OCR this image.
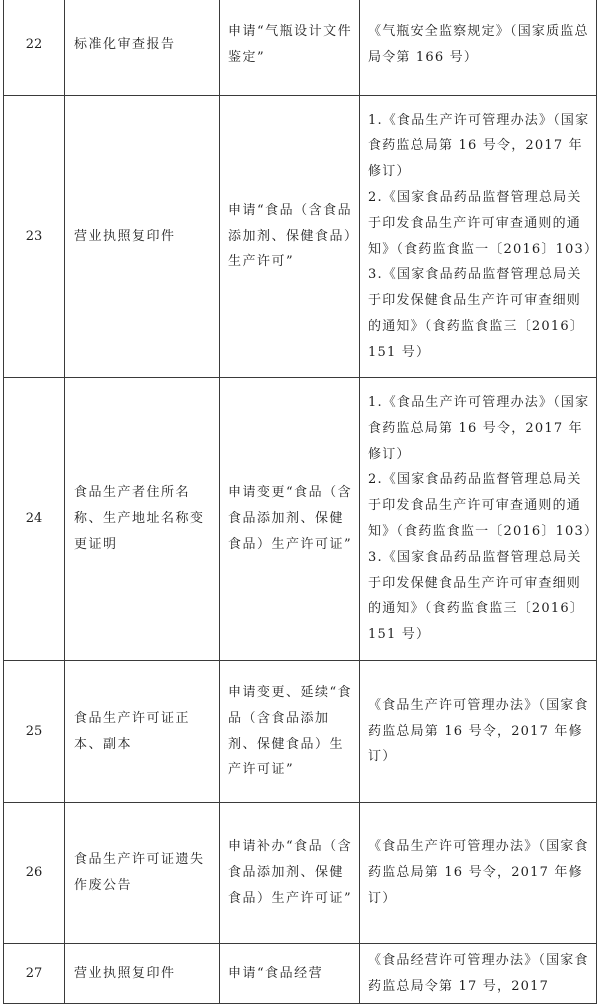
22	标准化审查报告	申请“气瓶设计文件鉴定”	《气瓶安全监察规定》（国家质监总局令第 166 号）

23	营业执照复印件	申请“食品（含食品添加剂、保健食品）生产许可”	1.《食品生产许可管理办法》（国家食药监总局第 16 号令，2017 年修订）
2.《国家食品药品监督管理总局关于印发食品生产许可审查通则的通知》（食药监食监一〔2016〕103）
3.《国家食品药品监督管理总局关于印发保健食品生产许可审查细则的通知》（食药监食监三〔2016〕151 号）

24	食品生产者住所名称、生产地址名称变更证明	申请变更“食品（含食品添加剂、保健食品）生产许可证”	1.《食品生产许可管理办法》（国家食药监总局第 16 号令，2017 年修订）
2.《国家食品药品监督管理总局关于印发食品生产许可审查通则的通知》（食药监食监一〔2016〕103）
3.《国家食品药品监督管理总局关于印发保健食品生产许可审查细则的通知》（食药监食监三〔2016〕151 号）

25	食品生产许可证正本、副本	申请变更、延续“食品（含食品添加剂、保健食品）生产许可证”	《食品生产许可管理办法》（国家食药监总局第 16 号令，2017 年修订）

26	食品生产许可证遗失作废公告	申请补办“食品（含食品添加剂、保健食品）生产许可证”	《食品生产许可管理办法》（国家食药监总局第 16 号令，2017 年修订）

27	营业执照复印件	申请“食品经营	《食品经营许可管理办法》（国家食药监总局令第 17 号，2017
